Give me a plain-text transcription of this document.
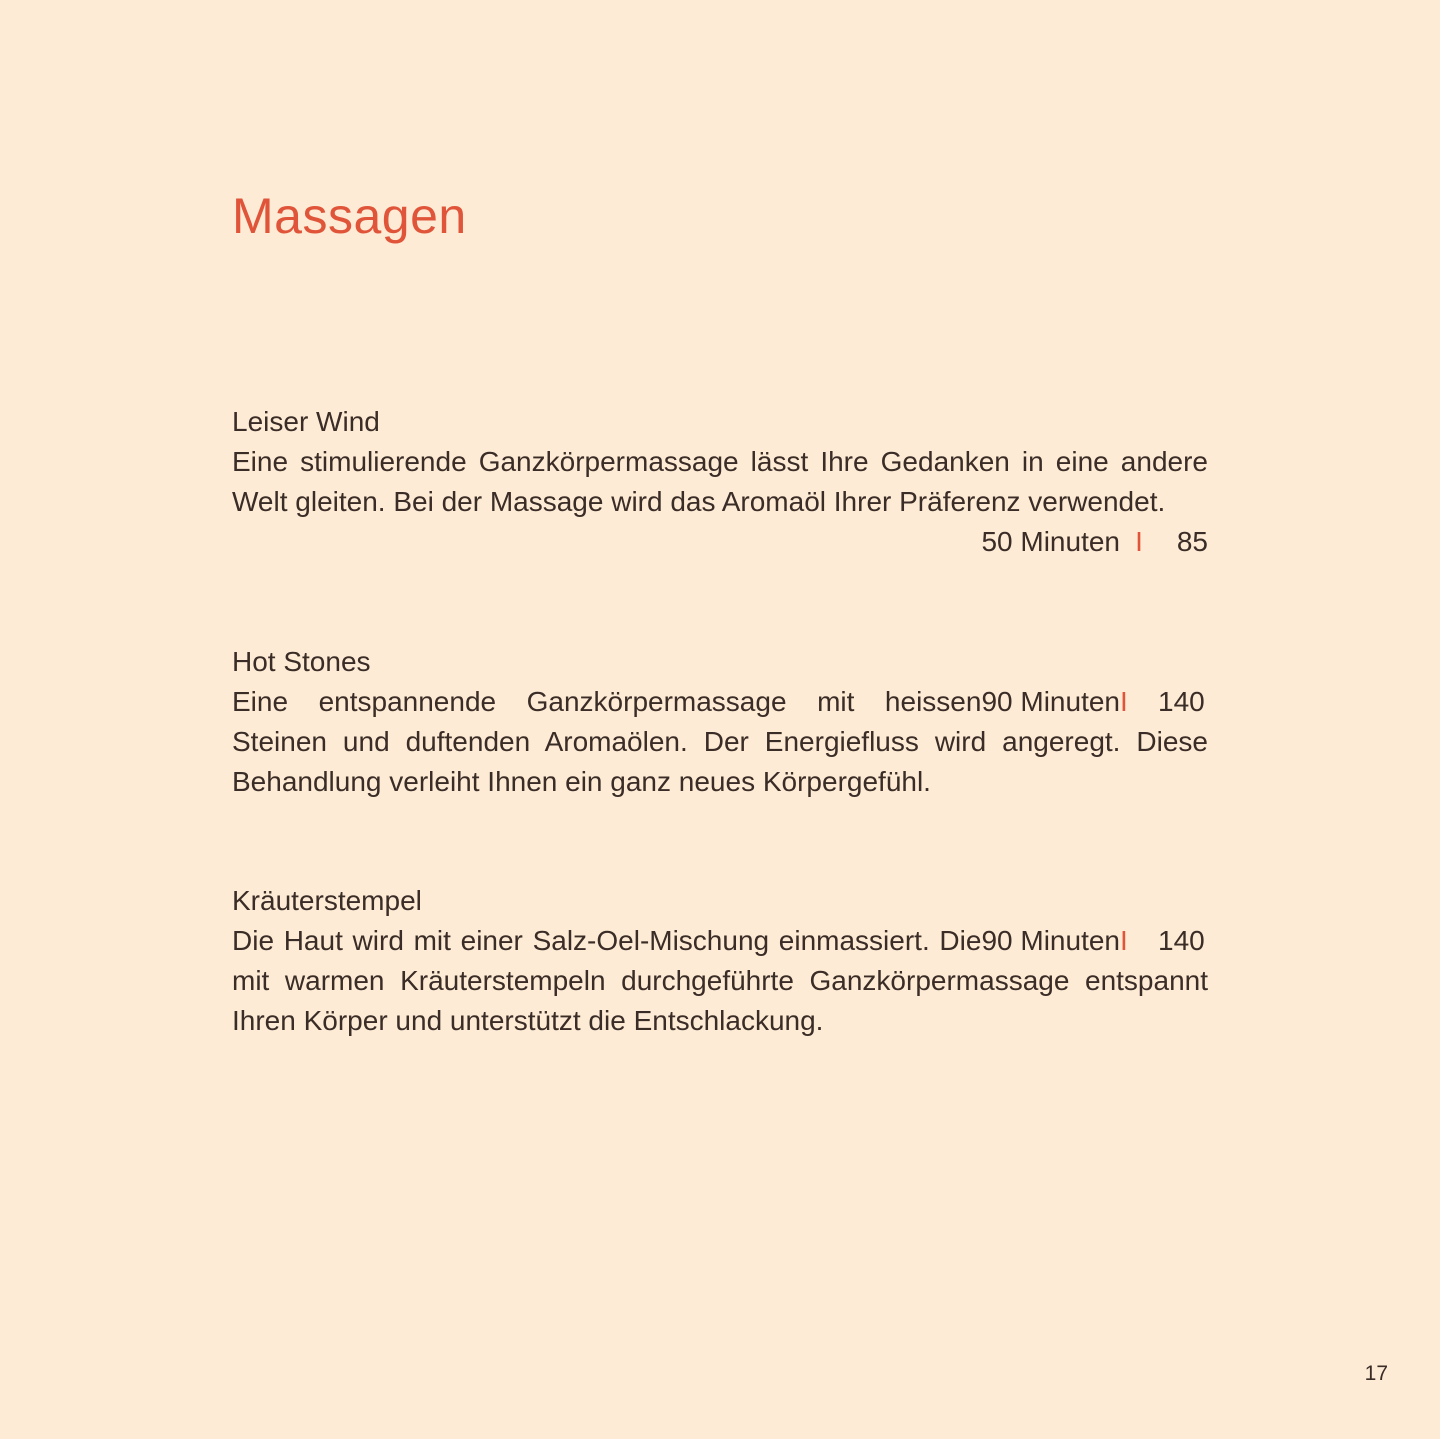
Massagen
Leiser Wind

Eine stimulierende Ganzkörpermassage lässt Ihre Gedanken in eine andere Welt gleiten. Bei der Massage wird das Aromaöl Ihrer Präferenz verwendet.

50 Minuten I	85
Hot Stones

90 MinutenI 140
Eine entspannende Ganzkörpermassage mit heissen Steinen und duftenden Aromaölen. Der Energiefluss wird angeregt. Diese Behandlung verleiht Ihnen ein ganz neues Körpergefühl.

Kräuterstempel

90 MinutenI 140
Die Haut wird mit einer Salz-Oel-Mischung einmassiert. Die mit warmen Kräuterstempeln durchgeführte Ganzkörpermassage entspannt Ihren Körper und unterstützt die Entschlackung.

17
